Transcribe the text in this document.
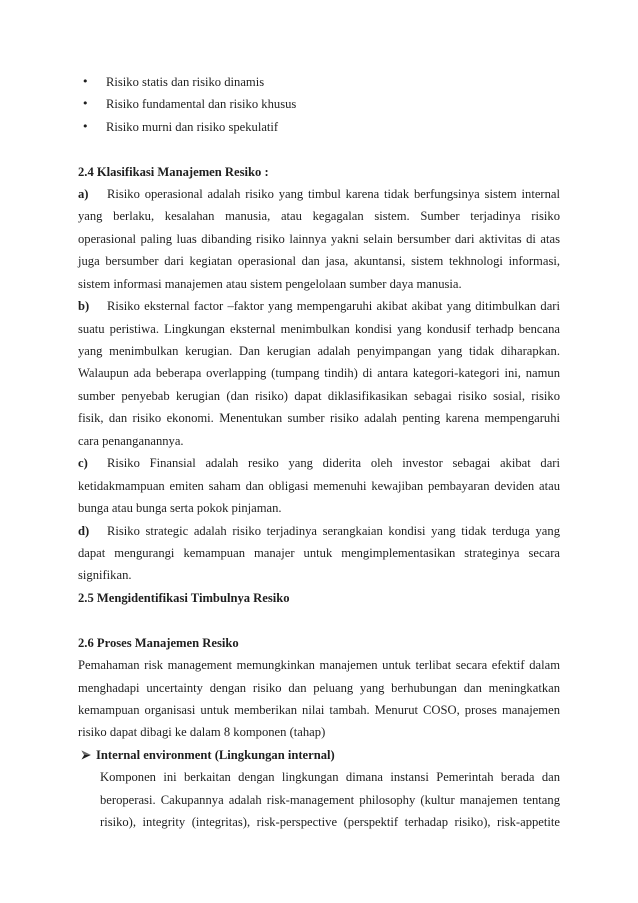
• Risiko statis dan risiko dinamis
• Risiko fundamental dan risiko khusus
• Risiko murni dan risiko spekulatif
2.4 Klasifikasi Manajemen Resiko :
a)	Risiko operasional adalah risiko yang timbul karena tidak berfungsinya sistem internal
yang berlaku, kesalahan manusia, atau kegagalan sistem. Sumber terjadinya risiko
operasional paling luas dibanding risiko lainnya yakni selain bersumber dari aktivitas di atas
juga bersumber dari kegiatan operasional dan jasa, akuntansi, sistem tekhnologi informasi,
sistem informasi manajemen atau sistem pengelolaan sumber daya manusia.
b)	Risiko eksternal factor –faktor yang mempengaruhi akibat akibat yang ditimbulkan dari
suatu peristiwa. Lingkungan eksternal menimbulkan kondisi yang kondusif terhadp bencana
yang menimbulkan kerugian. Dan kerugian adalah penyimpangan yang tidak diharapkan.
Walaupun ada beberapa overlapping (tumpang tindih) di antara kategori-kategori ini, namun
sumber penyebab kerugian (dan risiko) dapat diklasifikasikan sebagai risiko sosial, risiko
fisik, dan risiko ekonomi. Menentukan sumber risiko adalah penting karena mempengaruhi
cara penanganannya.
c)	Risiko Finansial adalah resiko yang diderita oleh investor sebagai akibat dari
ketidakmampuan emiten saham dan obligasi memenuhi kewajiban pembayaran deviden atau
bunga atau bunga serta pokok pinjaman.
d)	Risiko strategic adalah risiko terjadinya serangkaian kondisi yang tidak terduga yang
dapat mengurangi kemampuan manajer untuk mengimplementasikan strateginya secara
signifikan.
2.5 Mengidentifikasi Timbulnya Resiko
2.6 Proses Manajemen Resiko
Pemahaman risk management memungkinkan manajemen untuk terlibat secara efektif dalam
menghadapi uncertainty dengan risiko dan peluang yang berhubungan dan meningkatkan
kemampuan organisasi untuk memberikan nilai tambah. Menurut COSO, proses manajemen
risiko dapat dibagi ke dalam 8 komponen (tahap)
Internal environment (Lingkungan internal)
Komponen ini berkaitan dengan lingkungan dimana instansi Pemerintah berada dan
beroperasi. Cakupannya adalah risk-management philosophy (kultur manajemen tentang
risiko), integrity (integritas), risk-perspective (perspektif terhadap risiko), risk-appetite
